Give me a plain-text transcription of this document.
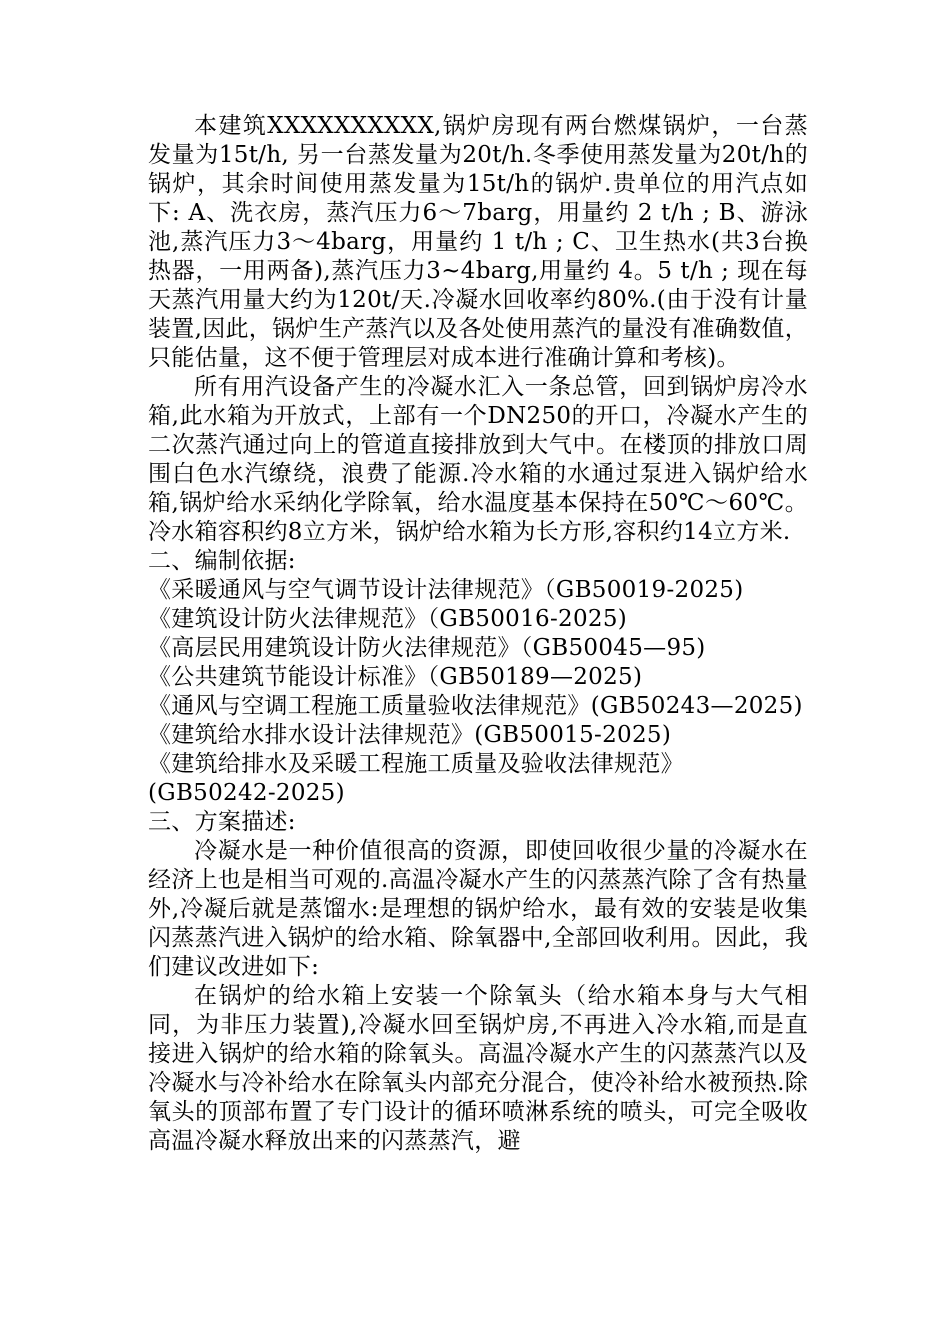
本建筑XXXXXXXXXX,锅炉房现有两台燃煤锅炉，一台蒸发量为15t/h, 另一台蒸发量为20t/h.冬季使用蒸发量为20t/h的锅炉，其余时间使用蒸发量为15t/h的锅炉.贵单位的用汽点如下: A、洗衣房，蒸汽压力6～7barg，用量约 2 t/h ; B、游泳池,蒸汽压力3～4barg，用量约 1 t/h ; C、卫生热水(共3台换热器，一用两备),蒸汽压力3~4barg,用量约 4。5 t/h ; 现在每天蒸汽用量大约为120t/天.冷凝水回收率约80%.(由于没有计量装置,因此，锅炉生产蒸汽以及各处使用蒸汽的量没有准确数值，只能估量，这不便于管理层对成本进行准确计算和考核)。

所有用汽设备产生的冷凝水汇入一条总管，回到锅炉房冷水箱,此水箱为开放式，上部有一个DN250的开口，冷凝水产生的二次蒸汽通过向上的管道直接排放到大气中。在楼顶的排放口周围白色水汽缭绕，浪费了能源.冷水箱的水通过泵进入锅炉给水箱,锅炉给水采纳化学除氧，给水温度基本保持在50℃～60℃。冷水箱容积约8立方米，锅炉给水箱为长方形,容积约14立方米.

二、编制依据:

《采暖通风与空气调节设计法律规范》（GB50019-2025)

《建筑设计防火法律规范》（GB50016-2025)

《高层民用建筑设计防火法律规范》（GB50045—95)

《公共建筑节能设计标准》（GB50189—2025)

《通风与空调工程施工质量验收法律规范》(GB50243—2025)

《建筑给水排水设计法律规范》(GB50015-2025)

《建筑给排水及采暖工程施工质量及验收法律规范》

(GB50242-2025)

三、方案描述:

冷凝水是一种价值很高的资源，即使回收很少量的冷凝水在经济上也是相当可观的.高温冷凝水产生的闪蒸蒸汽除了含有热量外,冷凝后就是蒸馏水:是理想的锅炉给水，最有效的安装是收集闪蒸蒸汽进入锅炉的给水箱、除氧器中,全部回收利用。因此，我们建议改进如下:

在锅炉的给水箱上安装一个除氧头（给水箱本身与大气相同，为非压力装置),冷凝水回至锅炉房,不再进入冷水箱,而是直接进入锅炉的给水箱的除氧头。高温冷凝水产生的闪蒸蒸汽以及冷凝水与冷补给水在除氧头内部充分混合，使冷补给水被预热.除氧头的顶部布置了专门设计的循环喷淋系统的喷头，可完全吸收高温冷凝水释放出来的闪蒸蒸汽，避
